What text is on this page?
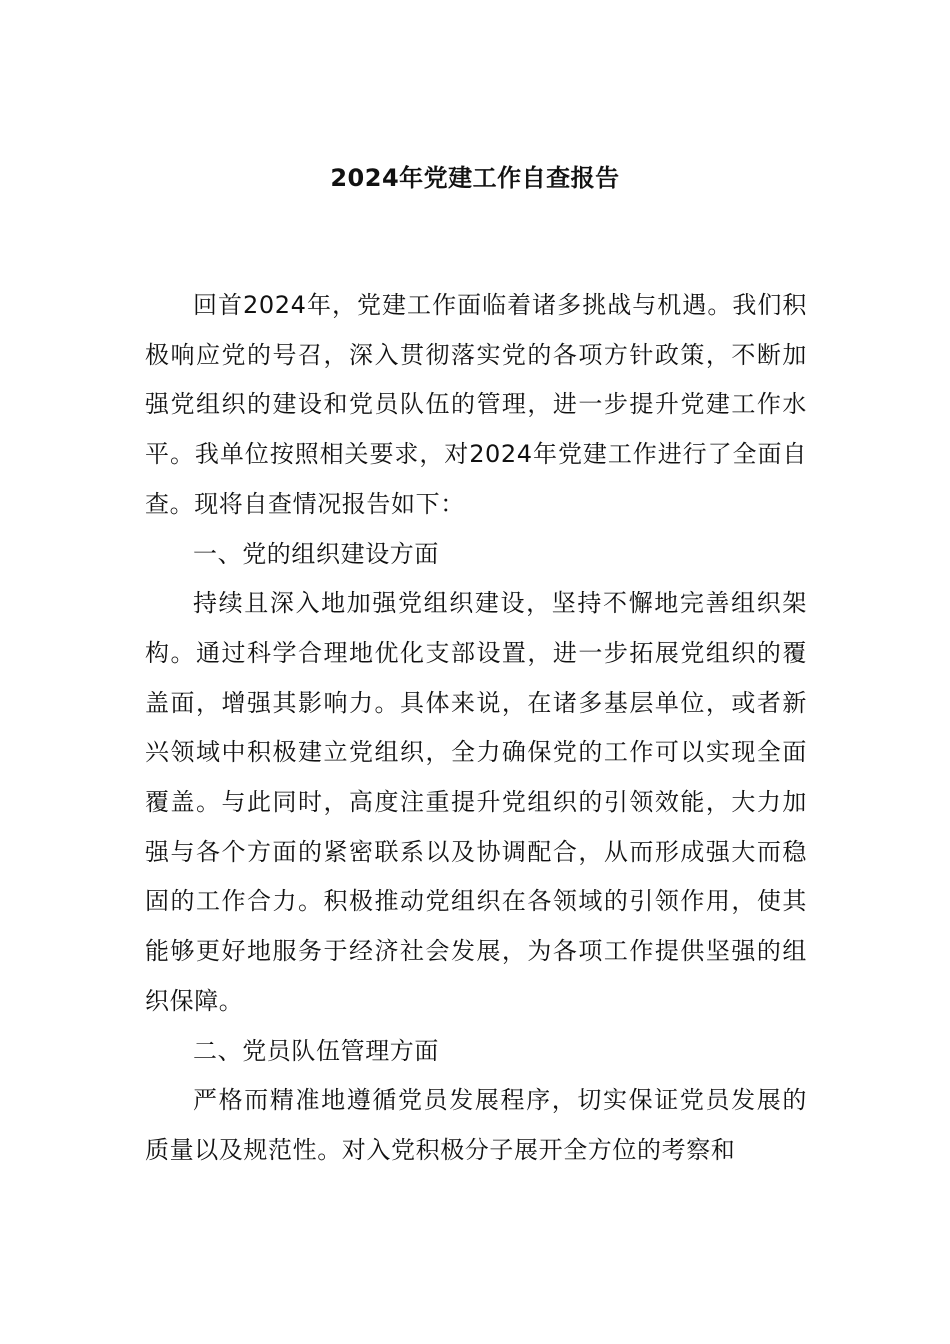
2024年党建工作自查报告

回首2024年，党建工作面临着诸多挑战与机遇。我们积极响应党的号召，深入贯彻落实党的各项方针政策，不断加强党组织的建设和党员队伍的管理，进一步提升党建工作水平。我单位按照相关要求，对2024年党建工作进行了全面自查。现将自查情况报告如下：

一、党的组织建设方面

持续且深入地加强党组织建设，坚持不懈地完善组织架构。通过科学合理地优化支部设置，进一步拓展党组织的覆盖面，增强其影响力。具体来说，在诸多基层单位，或者新兴领域中积极建立党组织，全力确保党的工作可以实现全面覆盖。与此同时，高度注重提升党组织的引领效能，大力加强与各个方面的紧密联系以及协调配合，从而形成强大而稳固的工作合力。积极推动党组织在各领域的引领作用，使其能够更好地服务于经济社会发展，为各项工作提供坚强的组织保障。

二、党员队伍管理方面

严格而精准地遵循党员发展程序，切实保证党员发展的质量以及规范性。对入党积极分子展开全方位的考察和
